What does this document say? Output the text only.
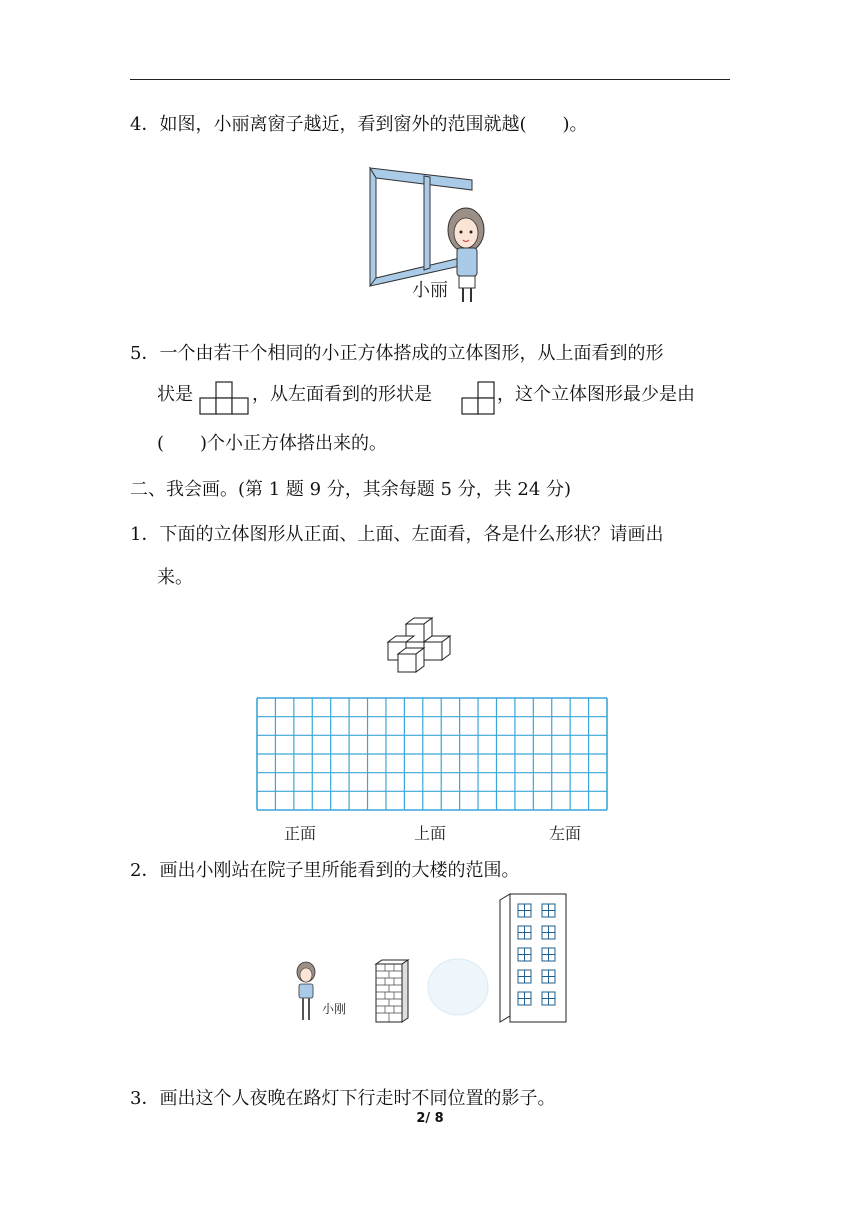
4．如图，小丽离窗子越近，看到窗外的范围就越(　　)。
小丽
5．一个由若干个相同的小正方体搭成的立体图形，从上面看到的形
状是	，从左面看到的形状是	，这个立体图形最少是由
(　　)个小正方体搭出来的。
二、我会画。(第 1 题 9 分，其余每题 5 分，共 24 分)
1．下面的立体图形从正面、上面、左面看，各是什么形状？请画出
来。
正面	上面	左面
2．画出小刚站在院子里所能看到的大楼的范围。
小刚
3．画出这个人夜晚在路灯下行走时不同位置的影子。
2/ 8
